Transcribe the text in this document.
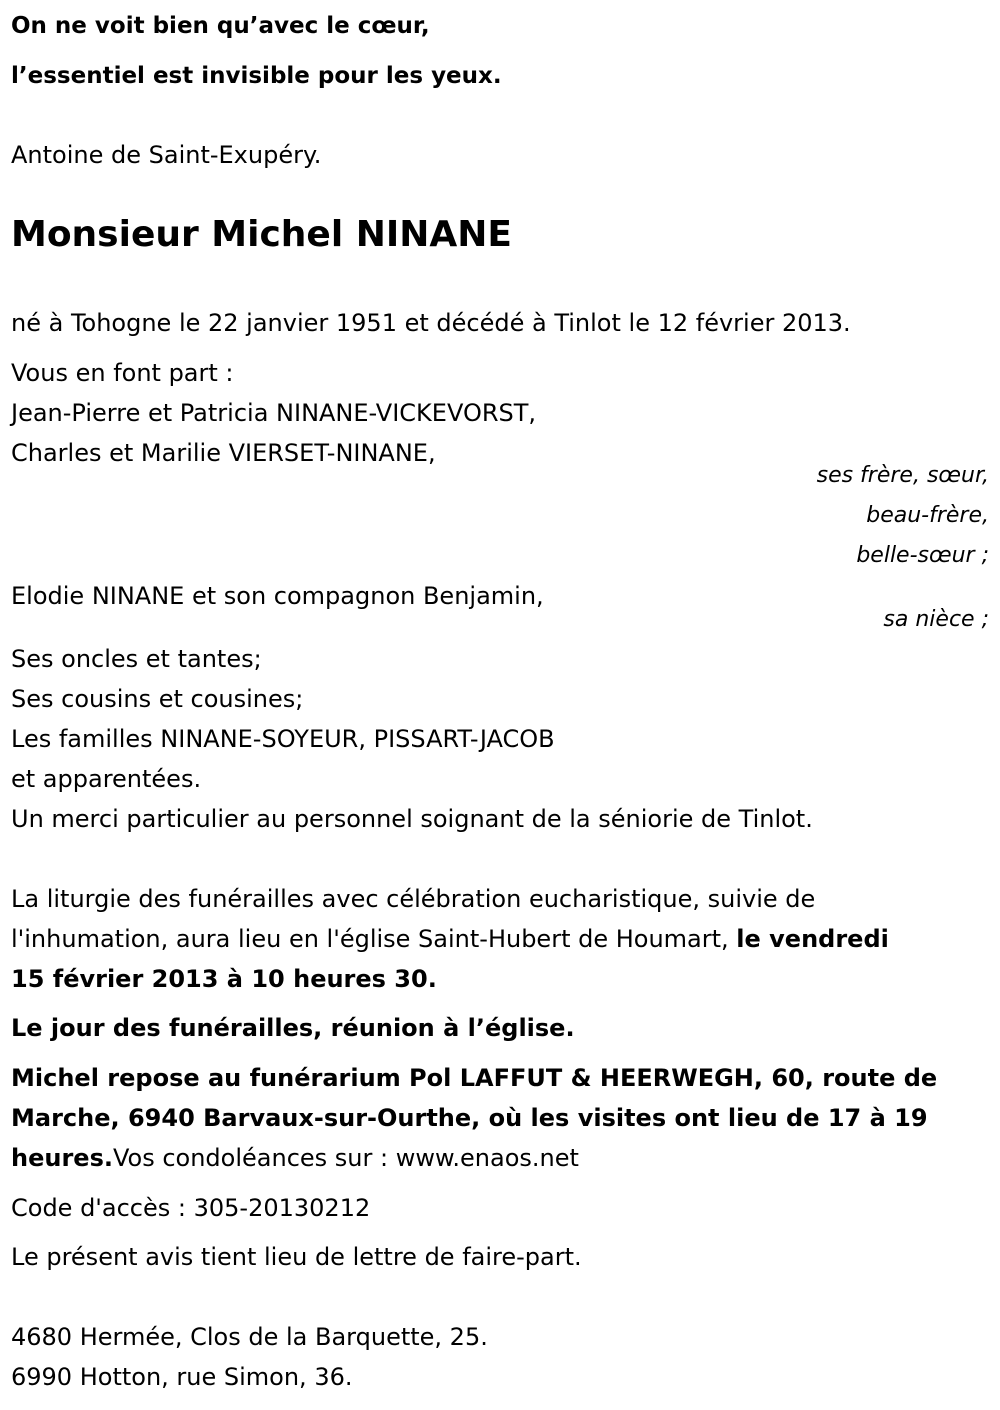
On ne voit bien qu’avec le cœur,
l’essentiel est invisible pour les yeux.
Antoine de Saint-Exupéry.
Monsieur Michel NINANE
né à Tohogne le 22 janvier 1951 et décédé à Tinlot le 12 février 2013.
Vous en font part :
Jean-Pierre et Patricia NINANE-VICKEVORST,
Charles et Marilie VIERSET-NINANE,
ses frère, sœur,
beau-frère,
belle-sœur ;
Elodie NINANE et son compagnon Benjamin,
sa nièce ;
Ses oncles et tantes;
Ses cousins et cousines;
Les familles NINANE-SOYEUR, PISSART-JACOB
et apparentées.
Un merci particulier au personnel soignant de la séniorie de Tinlot.
La liturgie des funérailles avec célébration eucharistique, suivie de
l'inhumation, aura lieu en l'église Saint-Hubert de Houmart, le vendredi
15 février 2013 à 10 heures 30.
Le jour des funérailles, réunion à l’église.
Michel repose au funérarium Pol LAFFUT & HEERWEGH, 60, route de
Marche, 6940 Barvaux-sur-Ourthe, où les visites ont lieu de 17 à 19
heures.Vos condoléances sur : www.enaos.net
Code d'accès : 305-20130212
Le présent avis tient lieu de lettre de faire-part.
4680 Hermée, Clos de la Barquette, 25.
6990 Hotton, rue Simon, 36.
